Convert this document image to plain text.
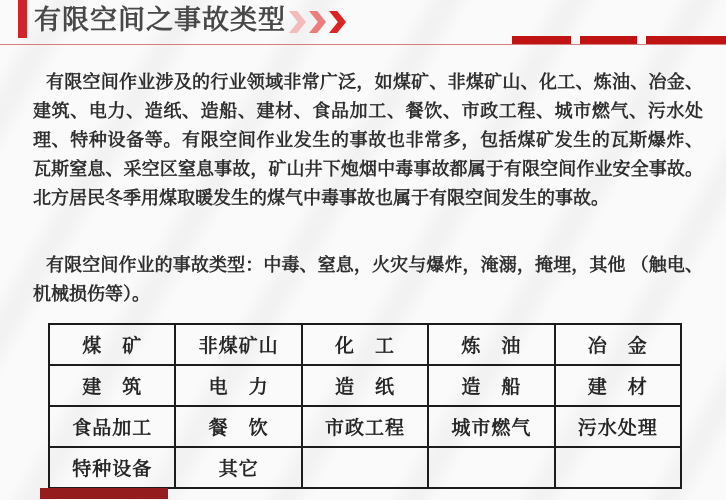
有限空间之事故类型
有限空间作业涉及的行业领域非常广泛，如煤矿、非煤矿山、化工、炼油、冶金、
建筑、电力、造纸、造船、建材、食品加工、餐饮、市政工程、城市燃气、污水处
理、特种设备等。有限空间作业发生的事故也非常多，包括煤矿发生的瓦斯爆炸、
瓦斯窒息、采空区窒息事故，矿山井下炮烟中毒事故都属于有限空间作业安全事故。
北方居民冬季用煤取暖发生的煤气中毒事故也属于有限空间发生的事故。
有限空间作业的事故类型：中毒、窒息，火灾与爆炸，淹溺，掩埋，其他 （触电、
机械损伤等）。
煤　矿	非煤矿山	化　工	炼　油	冶　金
建　筑	电　力	造　纸	造　船	建　材
食品加工	餐　饮	市政工程	城市燃气	污水处理
特种设备	其它			
